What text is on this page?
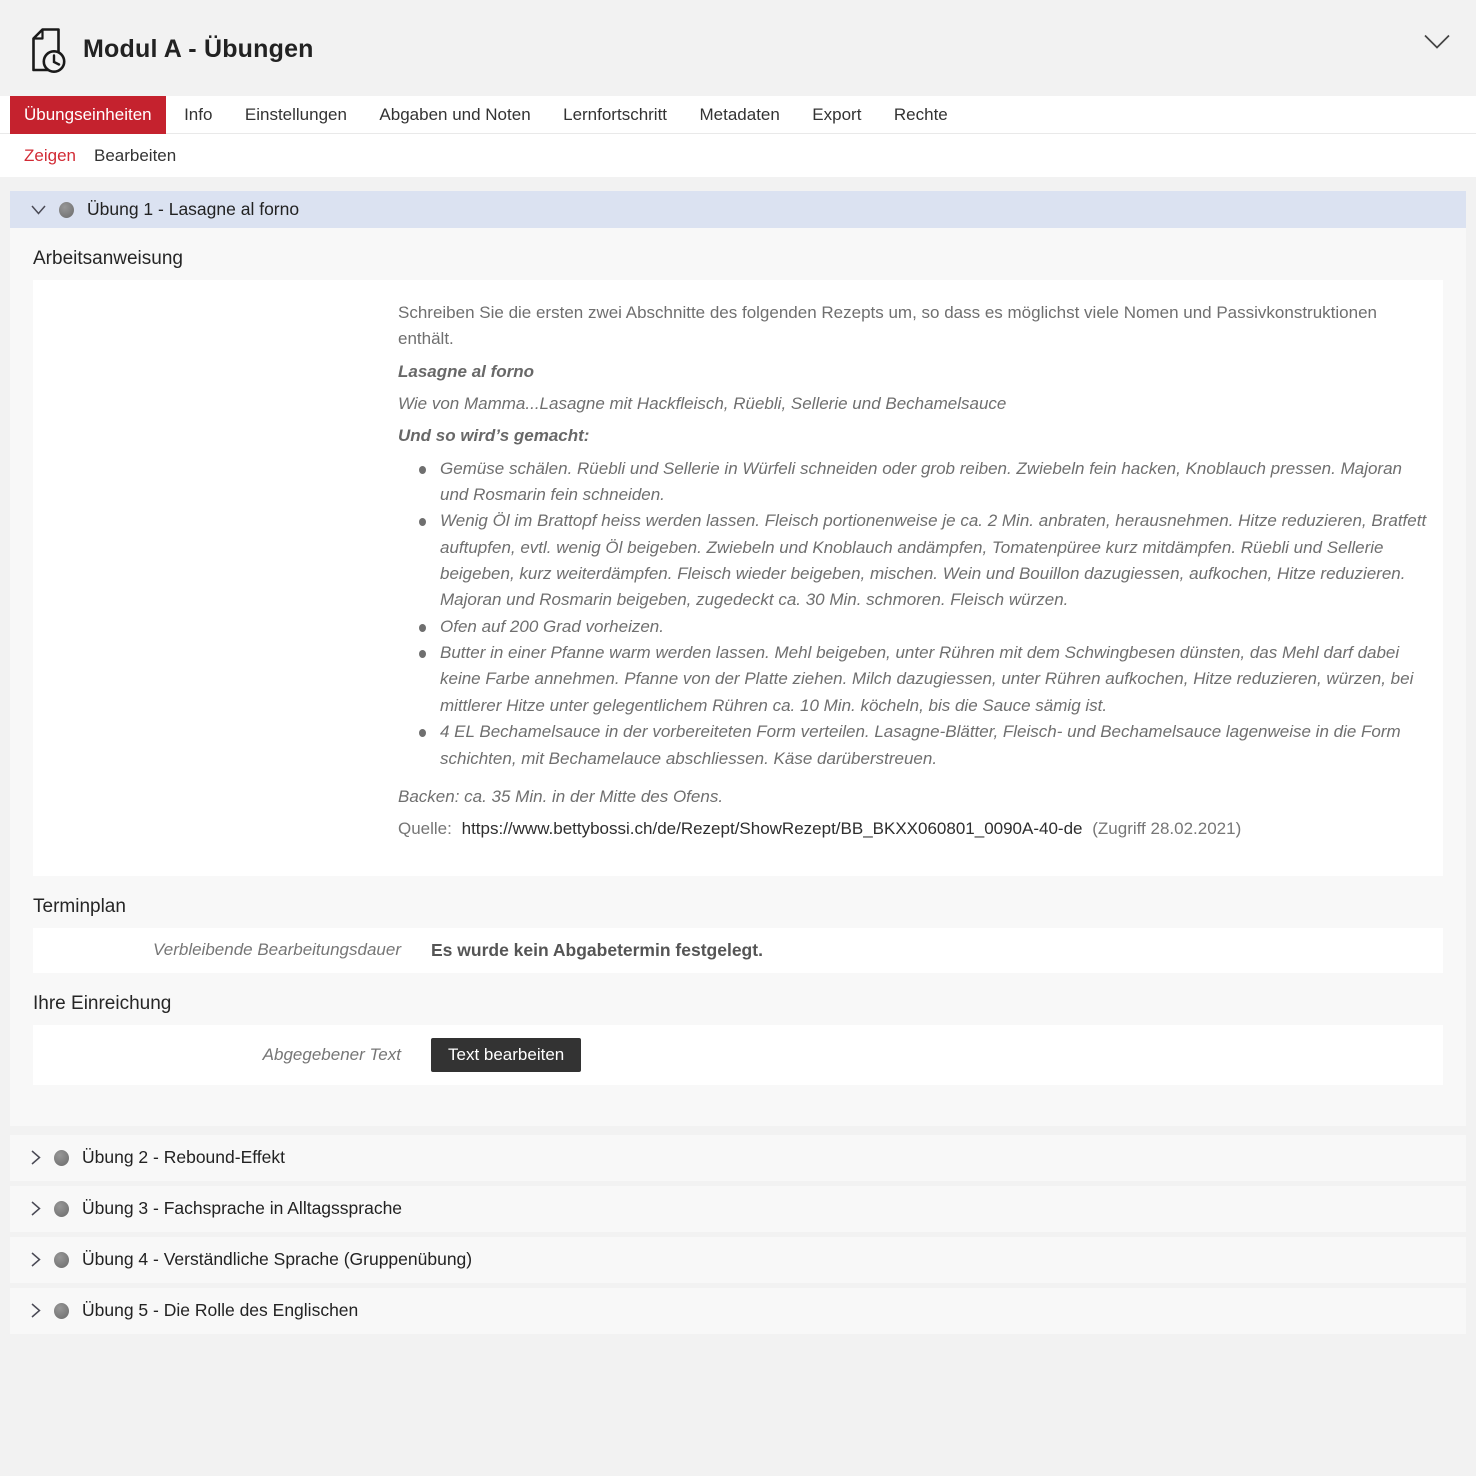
Modul A - Übungen
Übungseinheiten Info Einstellungen Abgaben und Noten Lernfortschritt Metadaten Export Rechte
Zeigen Bearbeiten
Übung 1 - Lasagne al forno
Arbeitsanweisung

Schreiben Sie die ersten zwei Abschnitte des folgenden Rezepts um, so dass es möglichst viele Nomen und Passivkonstruktionen enthält.

Lasagne al forno

Wie von Mamma...Lasagne mit Hackfleisch, Rüebli, Sellerie und Bechamelsauce

Und so wird’s gemacht:

Gemüse schälen. Rüebli und Sellerie in Würfeli schneiden oder grob reiben. Zwiebeln fein hacken, Knoblauch pressen. Majoran und Rosmarin fein schneiden.
Wenig Öl im Brattopf heiss werden lassen. Fleisch portionenweise je ca. 2 Min. anbraten, herausnehmen. Hitze reduzieren, Bratfett auftupfen, evtl. wenig Öl beigeben. Zwiebeln und Knoblauch andämpfen, Tomatenpüree kurz mitdämpfen. Rüebli und Sellerie beigeben, kurz weiterdämpfen. Fleisch wieder beigeben, mischen. Wein und Bouillon dazugiessen, aufkochen, Hitze reduzieren. Majoran und Rosmarin beigeben, zugedeckt ca. 30 Min. schmoren. Fleisch würzen.
Ofen auf 200 Grad vorheizen.
Butter in einer Pfanne warm werden lassen. Mehl beigeben, unter Rühren mit dem Schwingbesen dünsten, das Mehl darf dabei keine Farbe annehmen. Pfanne von der Platte ziehen. Milch dazugiessen, unter Rühren aufkochen, Hitze reduzieren, würzen, bei mittlerer Hitze unter gelegentlichem Rühren ca. 10 Min. köcheln, bis die Sauce sämig ist.
4 EL Bechamelsauce in der vorbereiteten Form verteilen. Lasagne-Blätter, Fleisch- und Bechamelsauce lagenweise in die Form schichten, mit Bechamelauce abschliessen. Käse darüberstreuen.

Backen: ca. 35 Min. in der Mitte des Ofens.

Quelle: https://www.bettybossi.ch/de/Rezept/ShowRezept/BB_BKXX060801_0090A-40-de (Zugriff 28.02.2021)

Terminplan
Verbleibende Bearbeitungsdauer Es wurde kein Abgabetermin festgelegt.
Ihre Einreichung
Abgegebener Text	Text bearbeiten
Übung 2 - Rebound-Effekt
Übung 3 - Fachsprache in Alltagssprache
Übung 4 - Verständliche Sprache (Gruppenübung)
Übung 5 - Die Rolle des Englischen
